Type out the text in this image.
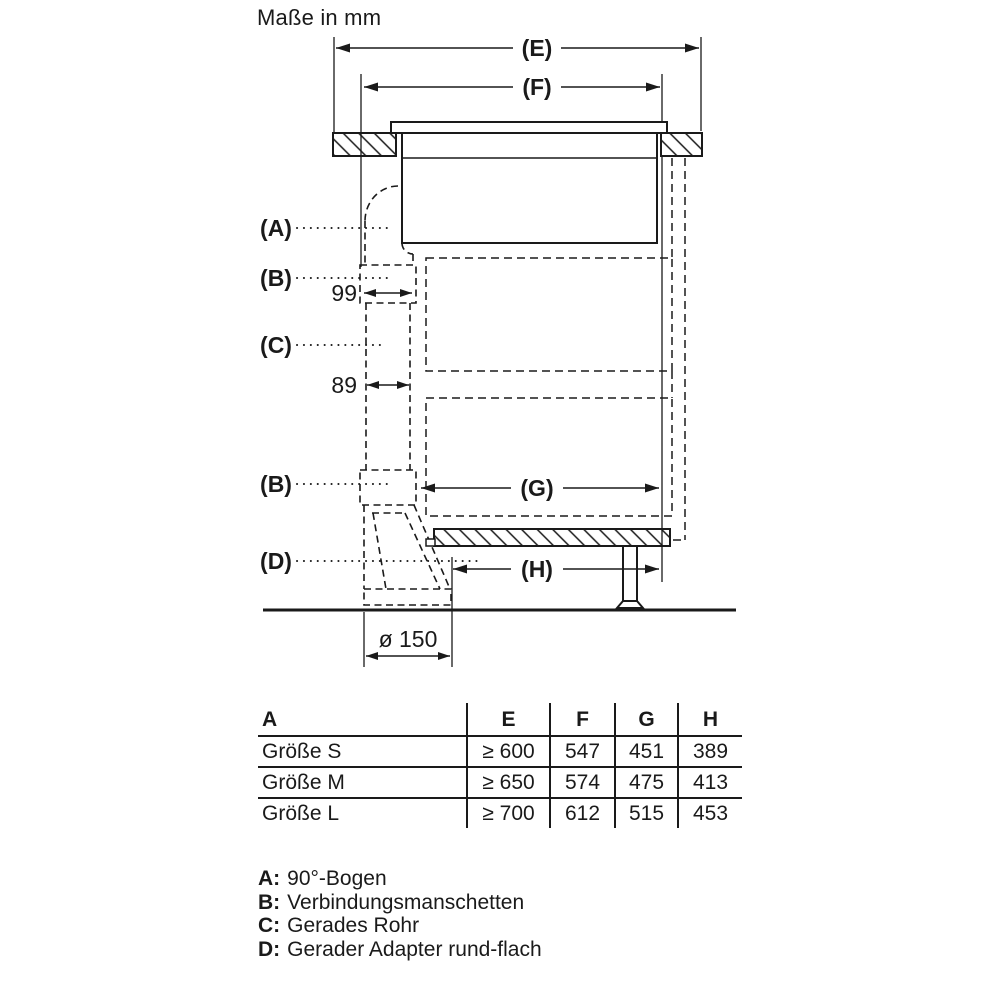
Maße in mm
(E)
(F)
(G)
(H)
99
89
ø 150
(A)
(B)
(C)
(B)
(D)
A	E	F	G	H
Größe S	≥ 600	547	451	389
Größe M	≥ 650	574	475	413
Größe L	≥ 700	612	515	453
A: 90°-Bogen
B: Verbindungsmanschetten
C: Gerades Rohr
D: Gerader Adapter rund-flach
